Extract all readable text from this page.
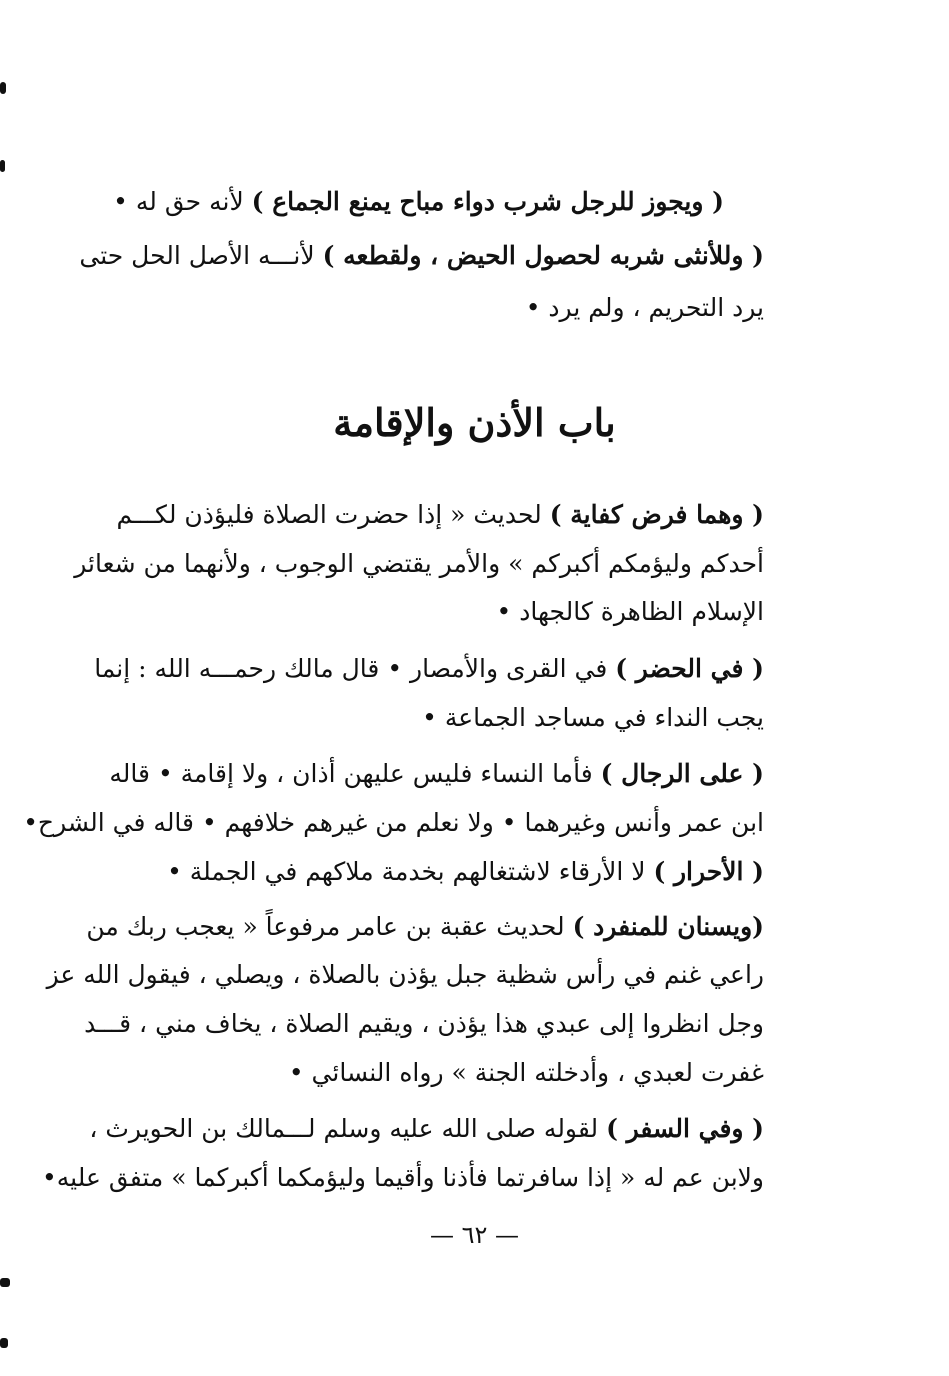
( ويجوز للرجل شرب دواء مباح يمنع الجماع ) لأنه حق له •
( وللأنثى شربه لحصول الحيض ، ولقطعه ) لأنـــه الأصل الحل حتى
يرد التحريم ، ولم يرد •
باب الأذن والإقامة
( وهما فرض كفاية ) لحديث « إذا حضرت الصلاة فليؤذن لكـــم
أحدكم وليؤمكم أكبركم » والأمر يقتضي الوجوب ، ولأنهما من شعائر
الإسلام الظاهرة كالجهاد •
( في الحضر ) في القرى والأمصار • قال مالك رحمـــه الله : إنما
يجب النداء في مساجد الجماعة •
( على الرجال ) فأما النساء فليس عليهن أذان ، ولا إقامة • قاله
ابن عمر وأنس وغيرهما • ولا نعلم من غيرهم خلافهم • قاله في الشرح•
( الأحرار ) لا الأرقاء لاشتغالهم بخدمة ملاكهم في الجملة •
(ويسنان للمنفرد ) لحديث عقبة بن عامر مرفوعاً « يعجب ربك من
راعي غنم في رأس شظية جبل يؤذن بالصلاة ، ويصلي ، فيقول الله عز
وجل انظروا إلى عبدي هذا يؤذن ، ويقيم الصلاة ، يخاف مني ، قـــد
غفرت لعبدي ، وأدخلته الجنة » رواه النسائي •
( وفي السفر ) لقوله صلى الله عليه وسلم لـــمالك بن الحويرث ،
ولابن عم له « إذا سافرتما فأذنا وأقيما وليؤمكما أكبركما » متفق عليه•
— ٦٢ —
